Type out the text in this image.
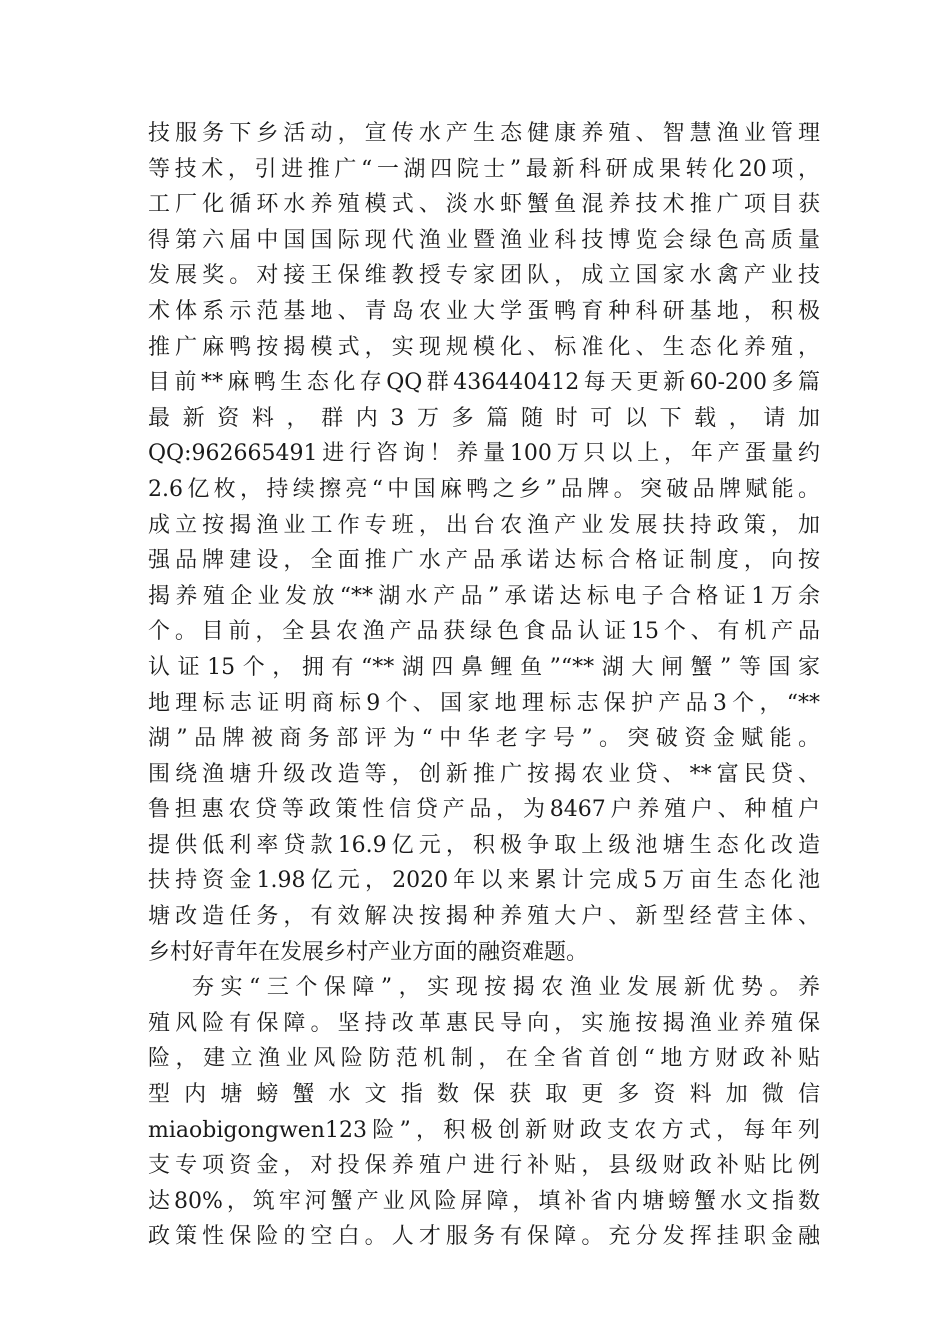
技服务下乡活动，宣传水产生态健康养殖、智慧渔业管理
等技术，引进推广“一湖四院士”最新科研成果转化20项，
工厂化循环水养殖模式、淡水虾蟹鱼混养技术推广项目获
得第六届中国国际现代渔业暨渔业科技博览会绿色高质量
发展奖。对接王保维教授专家团队，成立国家水禽产业技
术体系示范基地、青岛农业大学蛋鸭育种科研基地，积极
推广麻鸭按揭模式，实现规模化、标准化、生态化养殖，
目前**麻鸭生态化存QQ群436440412每天更新60-200多篇
最新资料，群内3万多篇随时可以下载，请加
QQ:962665491进行咨询！养量100万只以上，年产蛋量约
2.6亿枚，持续擦亮“中国麻鸭之乡”品牌。突破品牌赋能。
成立按揭渔业工作专班，出台农渔产业发展扶持政策，加
强品牌建设，全面推广水产品承诺达标合格证制度，向按
揭养殖企业发放“**湖水产品”承诺达标电子合格证1万余
个。目前，全县农渔产品获绿色食品认证15个、有机产品
认证15个，拥有“**湖四鼻鲤鱼”“**湖大闸蟹”等国家
地理标志证明商标9个、国家地理标志保护产品3个，“**
湖”品牌被商务部评为“中华老字号”。突破资金赋能。
围绕渔塘升级改造等，创新推广按揭农业贷、**富民贷、
鲁担惠农贷等政策性信贷产品，为8467户养殖户、种植户
提供低利率贷款16.9亿元，积极争取上级池塘生态化改造
扶持资金1.98亿元，2020年以来累计完成5万亩生态化池
塘改造任务，有效解决按揭种养殖大户、新型经营主体、
乡村好青年在发展乡村产业方面的融资难题。
夯实“三个保障”，实现按揭农渔业发展新优势。养
殖风险有保障。坚持改革惠民导向，实施按揭渔业养殖保
险，建立渔业风险防范机制，在全省首创“地方财政补贴
型内塘螃蟹水文指数保获取更多资料加微信
miaobigongwen123险”，积极创新财政支农方式，每年列
支专项资金，对投保养殖户进行补贴，县级财政补贴比例
达80%，筑牢河蟹产业风险屏障，填补省内塘螃蟹水文指数
政策性保险的空白。人才服务有保障。充分发挥挂职金融
